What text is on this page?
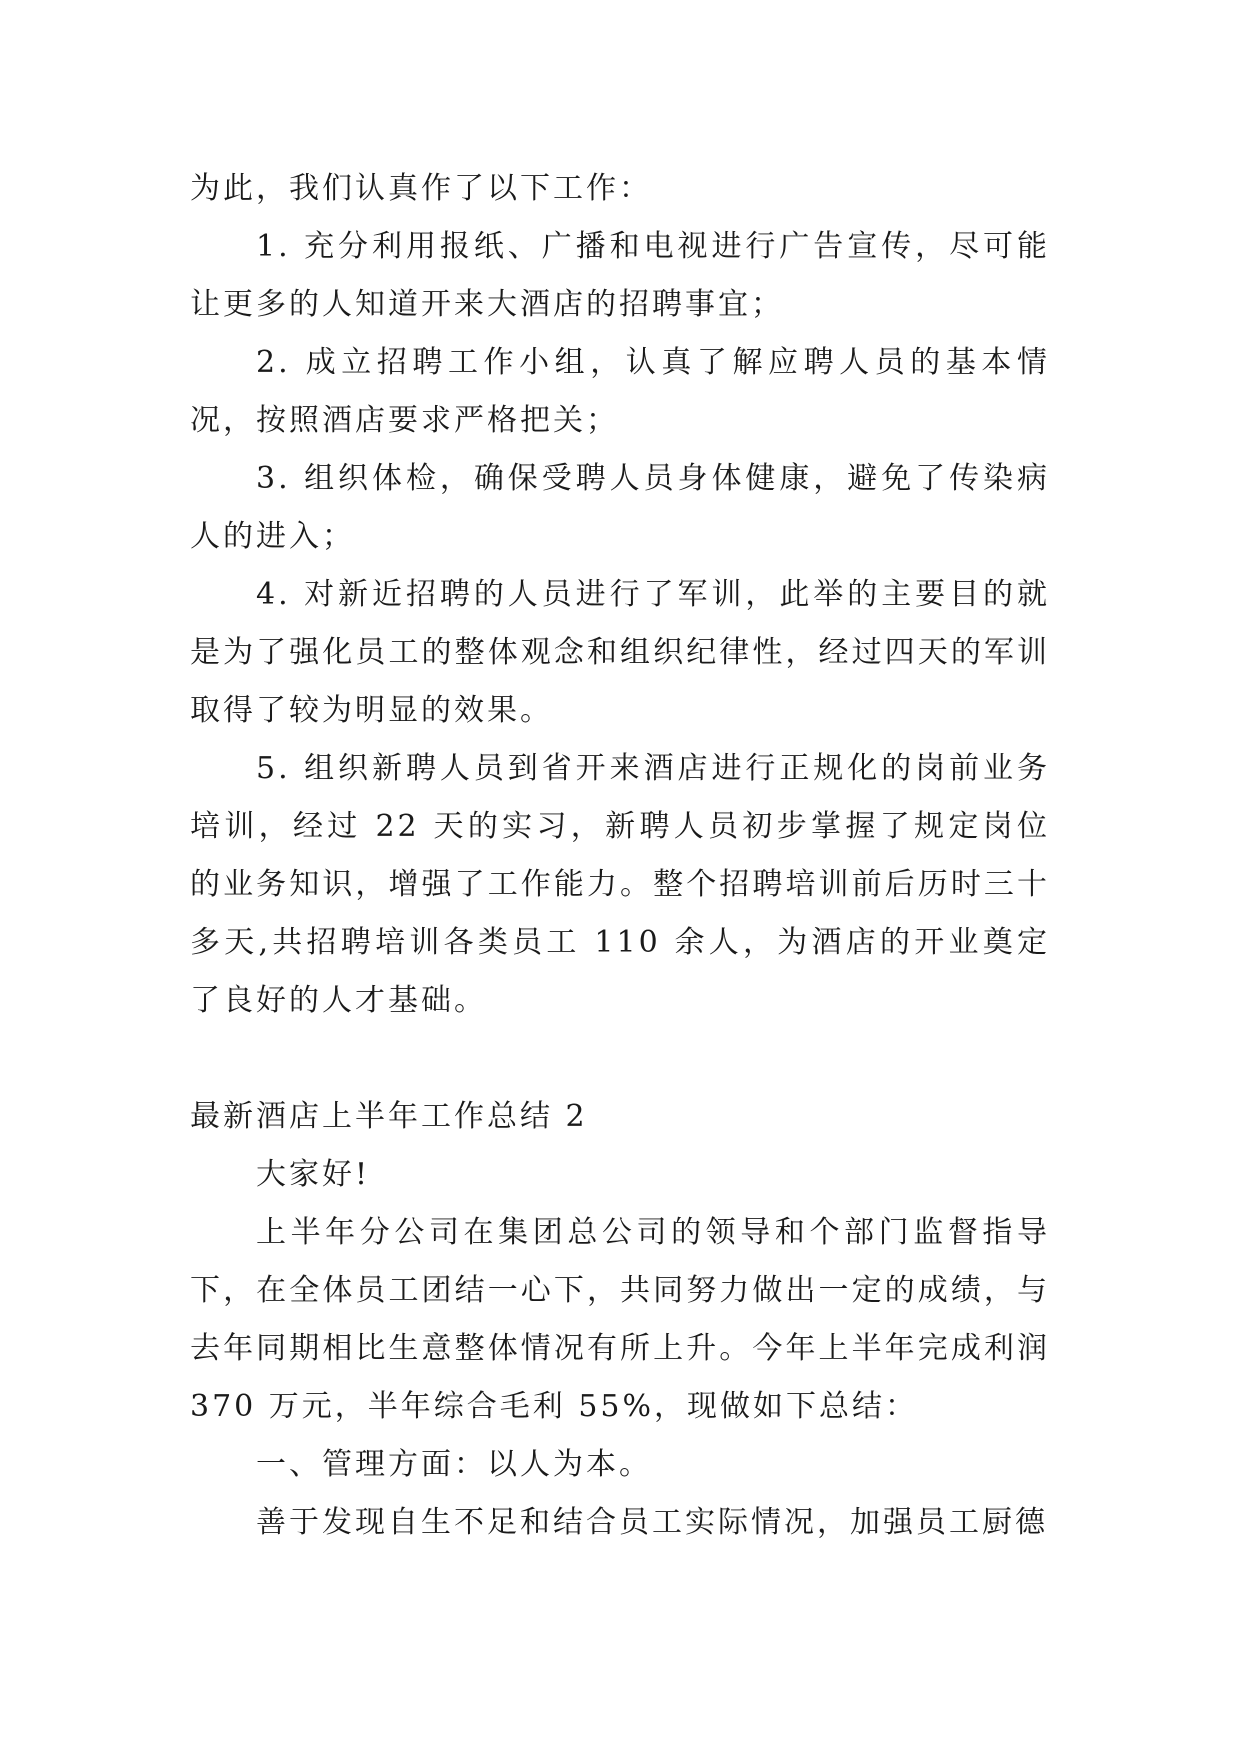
为此，我们认真作了以下工作：

1. 充分利用报纸、广播和电视进行广告宣传，尽可能让更多的人知道开来大酒店的招聘事宜；

2. 成立招聘工作小组，认真了解应聘人员的基本情况，按照酒店要求严格把关；

3. 组织体检，确保受聘人员身体健康，避免了传染病人的进入；

4. 对新近招聘的人员进行了军训，此举的主要目的就是为了强化员工的整体观念和组织纪律性，经过四天的军训取得了较为明显的效果。

5. 组织新聘人员到省开来酒店进行正规化的岗前业务培训，经过 22 天的实习，新聘人员初步掌握了规定岗位的业务知识，增强了工作能力。整个招聘培训前后历时三十多天,共招聘培训各类员工 110 余人，为酒店的开业奠定了良好的人才基础。

最新酒店上半年工作总结 2

大家好!

上半年分公司在集团总公司的领导和个部门监督指导下，在全体员工团结一心下，共同努力做出一定的成绩，与去年同期相比生意整体情况有所上升。今年上半年完成利润 370 万元，半年综合毛利 55%，现做如下总结：

一、管理方面：以人为本。

善于发现自生不足和结合员工实际情况，加强员工厨德
